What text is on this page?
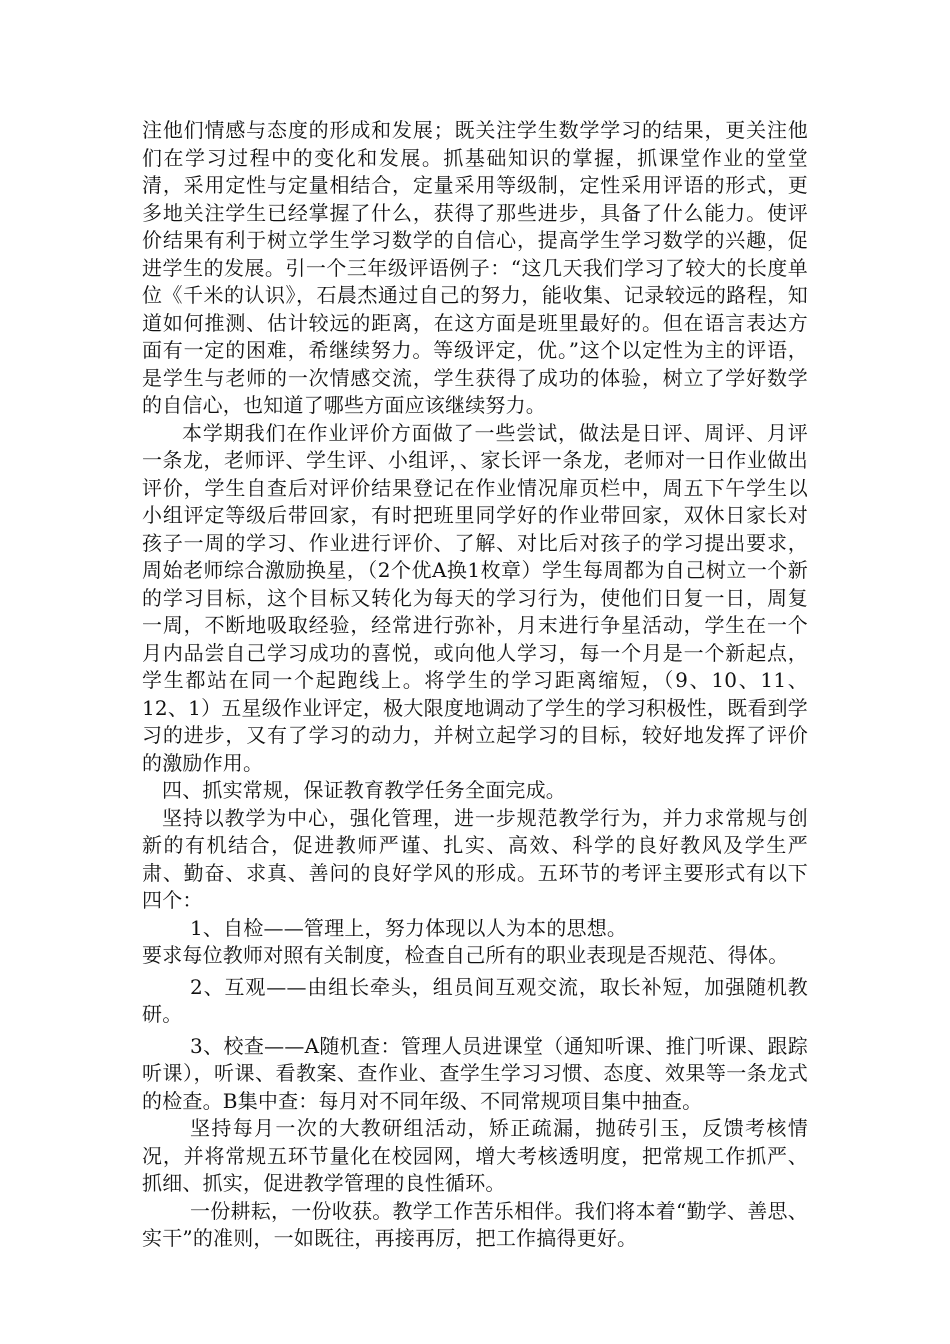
注他们情感与态度的形成和发展；既关注学生数学学习的结果，更关注他们在学习过程中的变化和发展。抓基础知识的掌握，抓课堂作业的堂堂清，采用定性与定量相结合，定量采用等级制，定性采用评语的形式，更多地关注学生已经掌握了什么，获得了那些进步，具备了什么能力。使评价结果有利于树立学生学习数学的自信心，提高学生学习数学的兴趣，促进学生的发展。引一个三年级评语例子：“这几天我们学习了较大的长度单位《千米的认识》，石晨杰通过自己的努力，能收集、记录较远的路程，知道如何推测、估计较远的距离，在这方面是班里最好的。但在语言表达方面有一定的困难，希继续努力。等级评定，优。”这个以定性为主的评语，是学生与老师的一次情感交流，学生获得了成功的体验，树立了学好数学的自信心，也知道了哪些方面应该继续努力。

本学期我们在作业评价方面做了一些尝试，做法是日评、周评、月评一条龙，老师评、学生评、小组评，、家长评一条龙，老师对一日作业做出评价，学生自查后对评价结果登记在作业情况扉页栏中，周五下午学生以小组评定等级后带回家，有时把班里同学好的作业带回家，双休日家长对孩子一周的学习、作业进行评价、了解、对比后对孩子的学习提出要求，周始老师综合激励换星，（2个优A换1枚章）学生每周都为自己树立一个新的学习目标，这个目标又转化为每天的学习行为，使他们日复一日，周复一周，不断地吸取经验，经常进行弥补，月末进行争星活动，学生在一个月内品尝自己学习成功的喜悦，或向他人学习，每一个月是一个新起点，学生都站在同一个起跑线上。将学生的学习距离缩短，（9、10、11、12、1）五星级作业评定，极大限度地调动了学生的学习积极性，既看到学习的进步，又有了学习的动力，并树立起学习的目标，较好地发挥了评价的激励作用。

四、抓实常规，保证教育教学任务全面完成。

坚持以教学为中心，强化管理，进一步规范教学行为，并力求常规与创新的有机结合，促进教师严谨、扎实、高效、科学的良好教风及学生严肃、勤奋、求真、善问的良好学风的形成。五环节的考评主要形式有以下四个：

1、自检——管理上，努力体现以人为本的思想。

要求每位教师对照有关制度，检查自己所有的职业表现是否规范、得体。

2、互观——由组长牵头，组员间互观交流，取长补短，加强随机教研。

3、校查——A随机查：管理人员进课堂（通知听课、推门听课、跟踪听课），听课、看教案、查作业、查学生学习习惯、态度、效果等一条龙式的检查。B集中查：每月对不同年级、不同常规项目集中抽查。

坚持每月一次的大教研组活动，矫正疏漏，抛砖引玉，反馈考核情况，并将常规五环节量化在校园网，增大考核透明度，把常规工作抓严、抓细、抓实，促进教学管理的良性循环。

一份耕耘，一份收获。教学工作苦乐相伴。我们将本着“勤学、善思、实干”的准则，一如既往，再接再厉，把工作搞得更好。
